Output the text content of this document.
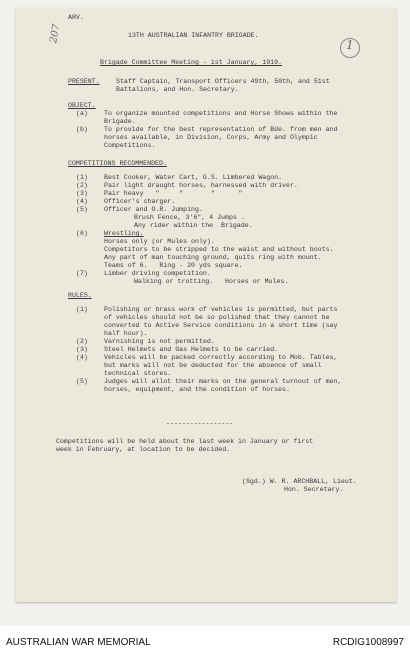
ARV.
207
1
13TH AUSTRALIAN INFANTRY BRIGADE.
Brigade Committee Meeting - 1st January, 1919.
PRESENT. Staff Captain, Transport Officers 49th, 50th, and 51st
Battalions, and Hon. Secretary.
OBJECT.
(a) To organize mounted competitions and Horse Shows within the
Brigade.
(b) To provide for the best representation of Bde. from men and
horses available, in Division, Corps, Army and Olympic
Competitions.
COMPETITIONS RECOMMENDED.
(1) Best Cooker, Water Cart, G.S. Limbered Wagon.
(2) Pair light draught horses, harnessed with driver.
(3) Pair heavy   "     "       "      "
(4) Officer's charger.
(5) Officer and O.R. Jumping.
Brush Fence, 3'6", 4 Jumps .
Any rider within the  Brigade.
(6) Wrestling.
Horses only (or Mules only).
Competitors to be stripped to the waist and without boots.
Any part of man touching ground, quits ring with mount.
Teams of 6.   Ring - 20 yds square.
(7) Limber driving competition.
Walking or trotting.   Horses or Mules.
RULES.
(1) Polishing or brass work of vehicles is permitted, but parts
of vehicles should not be so polished that they cannot be
converted to Active Service conditions in a short time (say
half hour).
(2) Varnishing is not permitted.
(3) Steel Helmets and Gas Helmets to be carried.
(4) Vehicles will be packed correctly according to Mob. Tables,
but marks will not be deducted for the absence of small
technical stores.
(5) Judges will allot their marks on the general turnout of men,
horses, equipment, and the condition of horses.
-----------------
Competitions will be held about the last week in January or first
week in February, at location to be decided.
(Sgd.) W. R. ARCHBALL, Lieut.
Hon. Secretary.
AUSTRALIAN WAR MEMORIAL	RCDIG1008997
